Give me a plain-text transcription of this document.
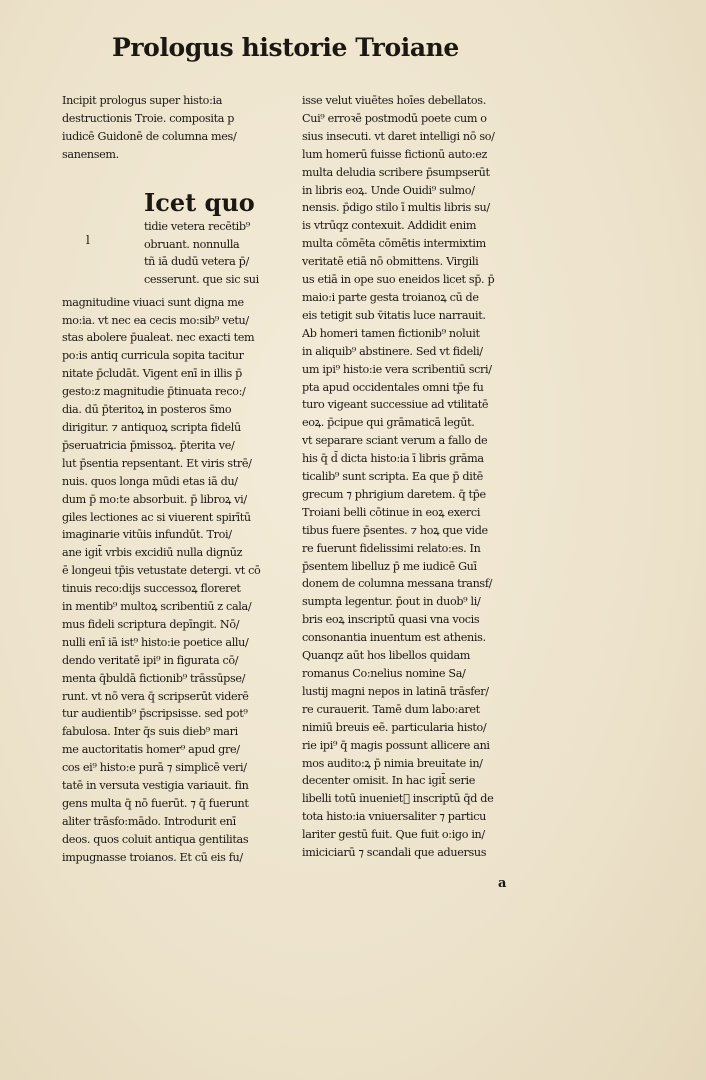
Prologus historie Troiane
Incipit prologus super histo:ia
destructionis Troie. composita p
iudicē Guidonē de columna mes/
sanensem.
Icet quo
l
tidie vetera recētib⁹
obruant. nonnulla
tñ iā dudū vetera p̄/
cesserunt. que sic sui
magnitudine viuaci sunt digna me
mo:ia. vt nec ea cecis mo:sib⁹ vetu/
stas abolere p̄ualeat. nec exacti tem
po:is antiq curricula sopita tacitur
nitate p̄cludāt. Vigent enī in illis p̄
gesto:z magnitudie p̄tinuata reco:/
dia. dū p̄teritoꝝ in posteros s̄mo
dirigitur. ⁊ antiquoꝝ scripta fidelū
p̄seruatricia p̄missoꝝ. p̄terita ve/
lut p̄sentia repsentant. Et viris strē/
nuis. quos longa mūdi etas iā du/
dum p̄ mo:te absorbuit. p̄ libroꝝ vi/
giles lectiones ac si viuerent spirītū
imaginarie vitūis infundūt. Troi/
ane igit̄ vrbis excidiū nulla dignūz
ē longeui tp̄is vetustate detergi. vt cō
tinuis reco:dijs successoꝝ floreret
in mentib⁹ multoꝝ scribentiū z cala/
mus fideli scriptura depīngit. Nō/
nulli enī iā ist⁹ histo:ie poetice allu/
dendo veritatē ipi⁹ in figurata cō/
menta q̄buldā fictionib⁹ trāssūpse/
runt. vt nō vera q̄ scripserūt viderē
tur audientib⁹ p̄scripsisse. sed pot⁹
fabulosa. Inter q̄s suis dieb⁹ mari
me auctoritatis homer⁹ apud gre/
cos ei⁹ histo:e purā ⁊ simplicē veri/
tatē in versuta vestigia variauit. fin
gens multa q̄ nō fuerūt. ⁊ q̄ fuerunt
aliter trāsfo:mādo. Introdurit enī
deos. quos coluit antiqua gentilitas
impugnasse troianos. Et cū eis fu/
isse velut viuētes hoīes debellatos.
Cui⁹ erroꝛē postmodū poete cum o
sius insecuti. vt daret intelligi nō so/
lum homerū fuisse fictionū auto:ez
multa deludia scribere p̄sumpserūt
in libris eoꝝ. Unde Ouidi⁹ sulmo/
nensis. p̄digo stilo ī multis libris su/
is vtrūqz contexuit. Addidit enim
multa cōmēta cōmētis intermixtim
veritatē etiā nō obmittens. Virgili
us etiā in ope suo eneidos licet sp̄. p̄
maio:i parte gesta troianoꝝ cū de
eis tetigit sub v̄itatis luce narrauit.
Ab homeri tamen fictionib⁹ noluit
in aliquib⁹ abstinere. Sed vt fideli/
um ipi⁹ histo:ie vera scribentiū scri/
pta apud occidentales omni tp̄e fu
turo vigeant successiue ad vtilitatē
eoꝝ. p̄cipue qui grāmaticā legūt.
vt separare sciant verum a fallo de
his q̄ d̄ dicta histo:ia ī libris grāma
ticalib⁹ sunt scripta. Ea que p̄ ditē
grecum ⁊ phrigium daretem. q̄ tp̄e
Troiani belli cōtinue in eoꝝ exerci
tibus fuere p̄sentes. ⁊ hoꝝ que vide
re fuerunt fidelissimi relato:es. In
p̄sentem libelluz p̄ me iudicē Guī
donem de columna messana transf/
sumpta legentur. p̄out in duob⁹ li/
bris eoꝝ inscriptū quasi vna vocis
consonantia inuentum est athenis.
Quanqz aūt hos libellos quidam
romanus Co:nelius nomine Sa/
lustij magni nepos in latinā trāsfer/
re curauerit. Tamē dum labo:aret
nimiū breuis eē. particularia histo/
rie ipi⁹ q̄ magis possunt allicere ani
mos audito:ꝝ p̄ nimia breuitate in/
decenter omisit. In hac igit̄ serie
libelli totū inuenietᷣ inscriptū q̄d de
tota histo:ia vniuersaliter ⁊ particu
lariter gestū fuit. Que fuit o:igo in/
imiciciarū ⁊ scandali que aduersus
a
